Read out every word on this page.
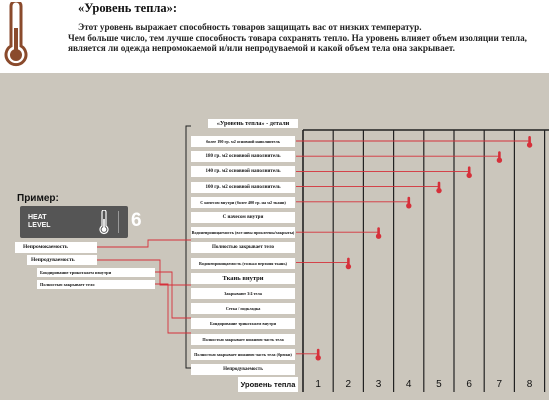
«Уровень тепла»:

Этот уровень выражает способность товаров защищать вас от низких температур.

Чем больше число, тем лучше способность товара сохранять тепло. На уровень влияет объем изоляции тепла, является ли одежда непромокаемой и/или непродуваемой и какой объем тела она закрывает.

«Уровень тепла» - детали
более 190 гр. м2 основной наполнитель
180 гр. м2 основной наполнитель
140 гр. м2 основной наполнитель
100 гр. м2 основной наполнитель
С начесом внутри (более 400 гр. на м2 ткани)
С начесом внутри
Водонепроницаемость (все швы проклеены/закрыты)
Полностью закрывает тело
Водонепроницаемость (только верхняя ткань)
Ткань внутри
Закрывают 3/4 тела
Сетка / подкладка
Бондирование трикотажем внутри
Полностью закрывает нижнюю часть тела
Полностью закрывает нижнюю часть тела (брюки)
Непродуваемость
Пример:
HEAT
LEVEL	6
Непромокаемость
Непродуваемость
Бондирование трикотажем изнутри
Полностью закрывает тело
Уровень тепла	1	2	3	4	5	6	7	8
